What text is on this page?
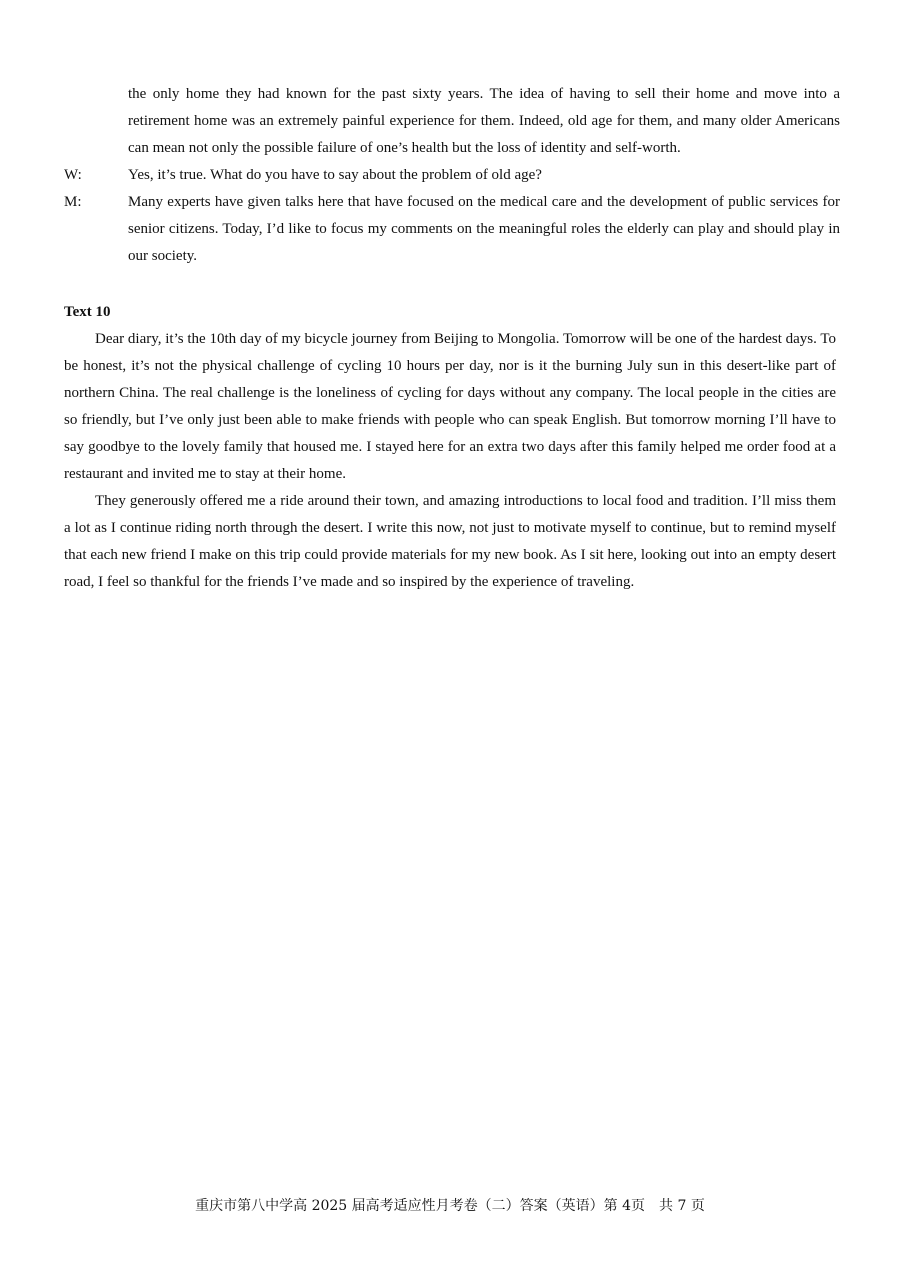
the only home they had known for the past sixty years. The idea of having to sell their home and move into a retirement home was an extremely painful experience for them. Indeed, old age for them, and many older Americans can mean not only the possible failure of one’s health but the loss of identity and self-worth.
W:	Yes, it’s true. What do you have to say about the problem of old age?
M:	Many experts have given talks here that have focused on the medical care and the development of public services for senior citizens. Today, I’d like to focus my comments on the meaningful roles the elderly can play and should play in our society.

Text 10

Dear diary, it’s the 10th day of my bicycle journey from Beijing to Mongolia. Tomorrow will be one of the hardest days. To be honest, it’s not the physical challenge of cycling 10 hours per day, nor is it the burning July sun in this desert-like part of northern China. The real challenge is the loneliness of cycling for days without any company. The local people in the cities are so friendly, but I’ve only just been able to make friends with people who can speak English. But tomorrow morning I’ll have to say goodbye to the lovely family that housed me. I stayed here for an extra two days after this family helped me order food at a restaurant and invited me to stay at their home.

They generously offered me a ride around their town, and amazing introductions to local food and tradition. I’ll miss them a lot as I continue riding north through the desert. I write this now, not just to motivate myself to continue, but to remind myself that each new friend I make on this trip could provide materials for my new book. As I sit here, looking out into an empty desert road, I feel so thankful for the friends I’ve made and so inspired by the experience of traveling.

重庆市第八中学高 2025 届高考适应性月考卷（二）答案（英语）第 4页　共 7 页
